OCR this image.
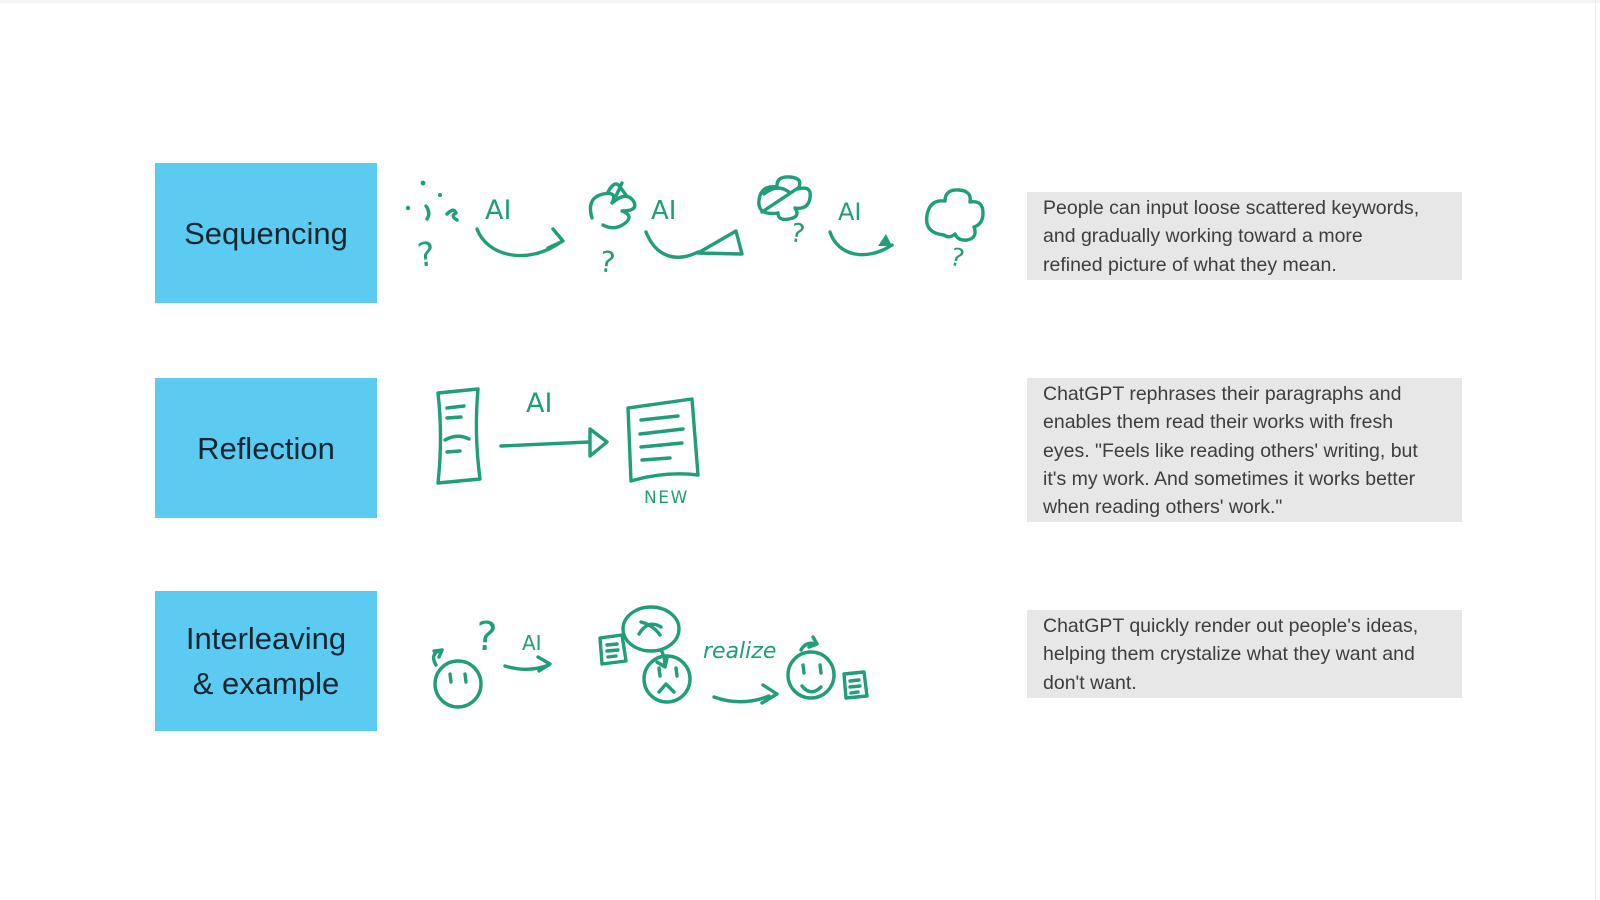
Sequencing
?
AI
?
AI
?
AI
?
People can input loose scattered keywords,
and gradually working toward a more
refined picture of what they mean.
Reflection
AI
NEW
ChatGPT rephrases their paragraphs and
enables them read their works with fresh
eyes. "Feels like reading others' writing, but
it's my work. And sometimes it works better
when reading others' work."
Interleaving
& example
? AI	realize
ChatGPT quickly render out people's ideas,
helping them crystalize what they want and
don't want.
